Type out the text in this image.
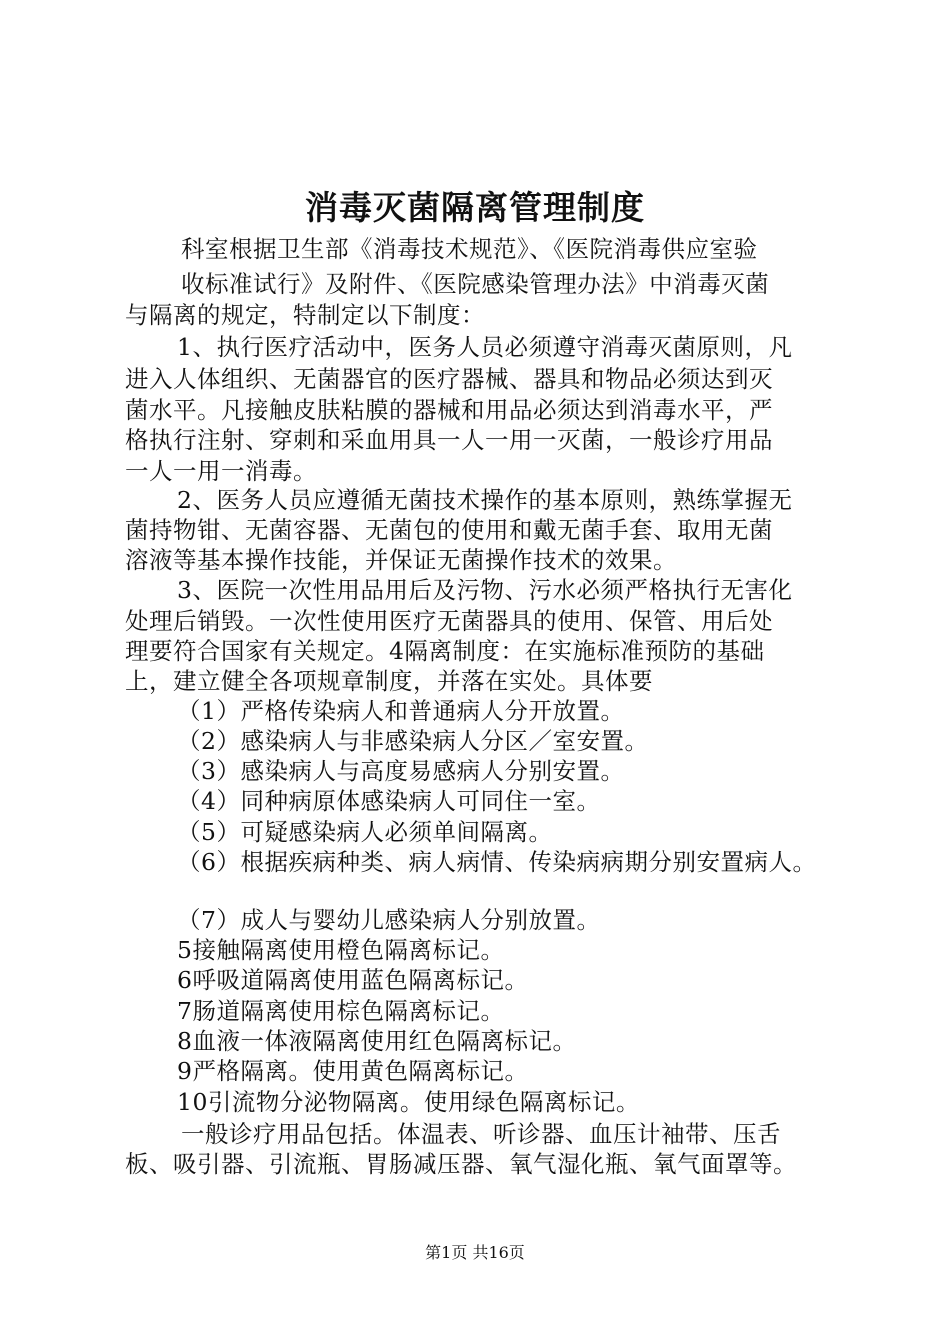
消毒灭菌隔离管理制度
科室根据卫生部《消毒技术规范》、《医院消毒供应室验
收标准试行》及附件、《医院感染管理办法》中消毒灭菌
与隔离的规定，特制定以下制度：
1、执行医疗活动中，医务人员必须遵守消毒灭菌原则，凡
进入人体组织、无菌器官的医疗器械、器具和物品必须达到灭
菌水平。凡接触皮肤粘膜的器械和用品必须达到消毒水平，严
格执行注射、穿刺和采血用具一人一用一灭菌，一般诊疗用品
一人一用一消毒。
2、医务人员应遵循无菌技术操作的基本原则，熟练掌握无
菌持物钳、无菌容器、无菌包的使用和戴无菌手套、取用无菌
溶液等基本操作技能，并保证无菌操作技术的效果。
3、医院一次性用品用后及污物、污水必须严格执行无害化
处理后销毁。一次性使用医疗无菌器具的使用、保管、用后处
理要符合国家有关规定。4隔离制度：在实施标准预防的基础
上，建立健全各项规章制度，并落在实处。具体要
（1）严格传染病人和普通病人分开放置。
（2）感染病人与非感染病人分区／室安置。
（3）感染病人与高度易感病人分别安置。
（4）同种病原体感染病人可同住一室。
（5）可疑感染病人必须单间隔离。
（6）根据疾病种类、病人病情、传染病病期分别安置病人。
（7）成人与婴幼儿感染病人分别放置。
5接触隔离使用橙色隔离标记。
6呼吸道隔离使用蓝色隔离标记。
7肠道隔离使用棕色隔离标记。
8血液一体液隔离使用红色隔离标记。
9严格隔离。使用黄色隔离标记。
10引流物分泌物隔离。使用绿色隔离标记。
一般诊疗用品包括。体温表、听诊器、血压计袖带、压舌
板、吸引器、引流瓶、胃肠减压器、氧气湿化瓶、氧气面罩等。
第1页 共16页
